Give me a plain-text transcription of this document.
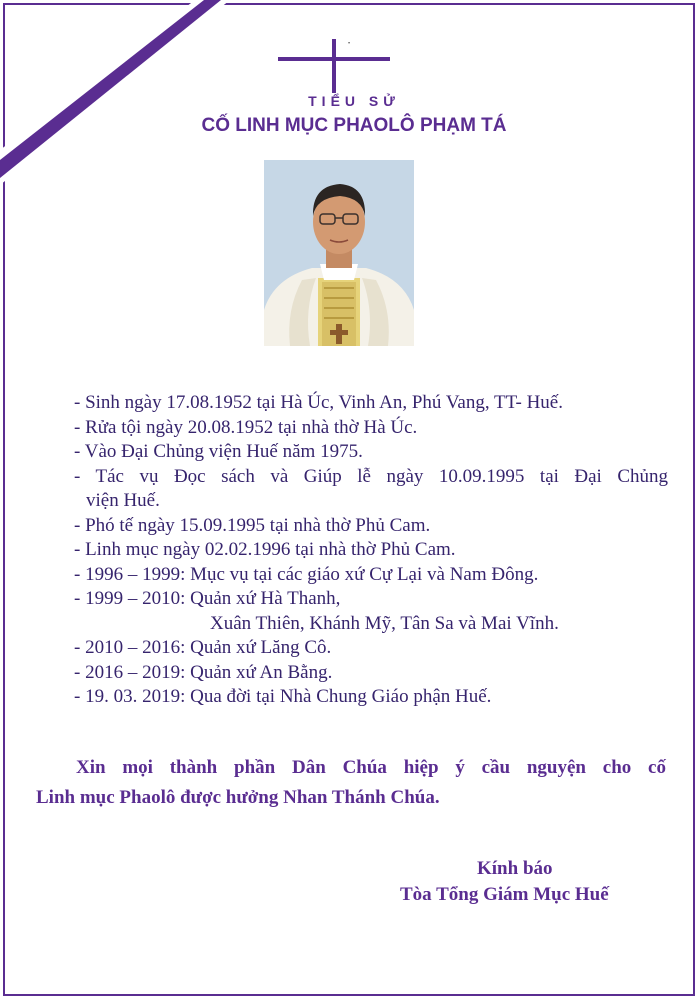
•
TIỂU SỬ
CỐ LINH MỤC PHAOLÔ PHẠM TÁ
- Sinh ngày 17.08.1952 tại Hà Úc, Vinh An, Phú Vang, TT- Huế.
- Rửa tội ngày 20.08.1952 tại nhà thờ Hà Úc.
- Vào Đại Chủng viện Huế năm 1975.
- Tác vụ Đọc sách và Giúp lễ ngày 10.09.1995 tại Đại Chủng
viện Huế.
- Phó tế ngày 15.09.1995 tại nhà thờ Phủ Cam.
- Linh mục ngày 02.02.1996 tại nhà thờ Phủ Cam.
- 1996 – 1999: Mục vụ tại các giáo xứ Cự Lại và Nam Đông.
- 1999 – 2010: Quản xứ Hà Thanh,
Xuân Thiên, Khánh Mỹ, Tân Sa và Mai Vĩnh.
- 2010 – 2016: Quản xứ Lăng Cô.
- 2016 – 2019: Quản xứ An Bằng.
- 19. 03. 2019: Qua đời tại Nhà Chung Giáo phận Huế.

Xin mọi thành phần Dân Chúa hiệp ý cầu nguyện cho cố
Linh mục Phaolô được hưởng Nhan Thánh Chúa.

Kính báo
Tòa Tổng Giám Mục Huế
